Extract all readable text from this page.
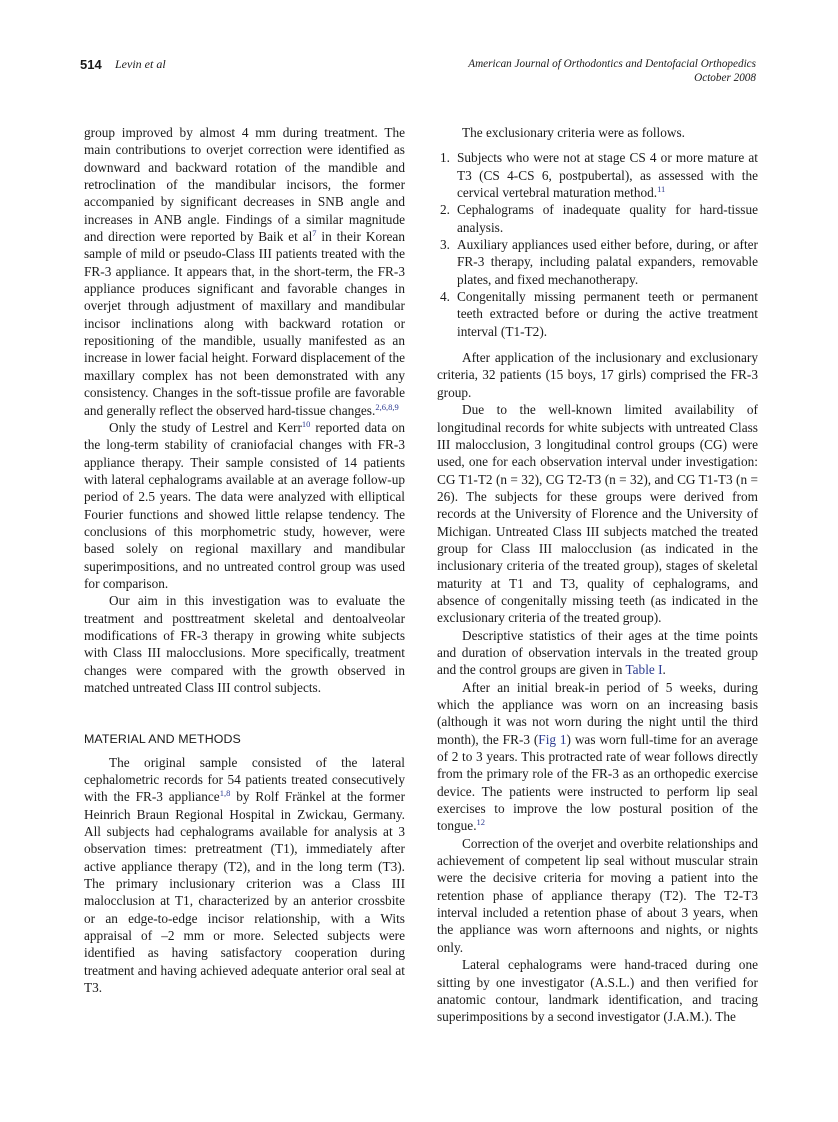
514 Levin et al	American Journal of Orthodontics and Dentofacial Orthopedics
October 2008

group improved by almost 4 mm during treatment. The main contributions to overjet correction were identified as downward and backward rotation of the mandible and retroclination of the mandibular incisors, the former accompanied by significant decreases in SNB angle and increases in ANB angle. Findings of a similar magnitude and direction were reported by Baik et $al^7$ in their Korean sample of mild or pseudo-Class III patients treated with the FR-3 appliance. It appears that, in the short-term, the FR-3 appliance produces significant and favorable changes in overjet through adjustment of maxillary and mandibular incisor inclinations along with backward rotation or repositioning of the mandible, usually manifested as an increase in lower facial height. Forward displacement of the maxillary complex has not been demonstrated with any consistency. Changes in the soft-tissue profile are favorable and generally reflect the observed hard-tissue changes.$^{2,6,8,9}$

Only the study of Lestrel and Kerr$^{10}$ reported data on the long-term stability of craniofacial changes with FR-3 appliance therapy. Their sample consisted of 14 patients with lateral cephalograms available at an average follow-up period of 2.5 years. The data were analyzed with elliptical Fourier functions and showed little relapse tendency. The conclusions of this morphometric study, however, were based solely on regional maxillary and mandibular superimpositions, and no untreated control group was used for comparison.

Our aim in this investigation was to evaluate the treatment and posttreatment skeletal and dentoalveolar modifications of FR-3 therapy in growing white subjects with Class III malocclusions. More specifically, treatment changes were compared with the growth observed in matched untreated Class III control subjects.

MATERIAL AND METHODS

The original sample consisted of the lateral cephalometric records for 54 patients treated consecutively with the FR-3 appliance$^{1,8}$ by Rolf Fränkel at the former Heinrich Braun Regional Hospital in Zwickau, Germany. All subjects had cephalograms available for analysis at 3 observation times: pretreatment (T1), immediately after active appliance therapy (T2), and in the long term (T3). The primary inclusionary criterion was a Class III malocclusion at T1, characterized by an anterior crossbite or an edge-to-edge incisor relationship, with a Wits appraisal of –2 mm or more. Selected subjects were identified as having satisfactory cooperation during treatment and having achieved adequate anterior oral seal at T3.

The exclusionary criteria were as follows.

1. Subjects who were not at stage CS 4 or more mature at T3 (CS 4-CS 6, postpubertal), as assessed with the cervical vertebral maturation method.$^{11}$
2. Cephalograms of inadequate quality for hard-tissue analysis.
3. Auxiliary appliances used either before, during, or after FR-3 therapy, including palatal expanders, removable plates, and fixed mechanotherapy.
4. Congenitally missing permanent teeth or permanent teeth extracted before or during the active treatment interval (T1-T2).

After application of the inclusionary and exclusionary criteria, 32 patients (15 boys, 17 girls) comprised the FR-3 group.

Due to the well-known limited availability of longitudinal records for white subjects with untreated Class III malocclusion, 3 longitudinal control groups (CG) were used, one for each observation interval under investigation: CG T1-T2 (n = 32), CG T2-T3 (n = 32), and CG T1-T3 (n = 26). The subjects for these groups were derived from records at the University of Florence and the University of Michigan. Untreated Class III subjects matched the treated group for Class III malocclusion (as indicated in the inclusionary criteria of the treated group), stages of skeletal maturity at T1 and T3, quality of cephalograms, and absence of congenitally missing teeth (as indicated in the exclusionary criteria of the treated group).

Descriptive statistics of their ages at the time points and duration of observation intervals in the treated group and the control groups are given in Table I.

After an initial break-in period of 5 weeks, during which the appliance was worn on an increasing basis (although it was not worn during the night until the third month), the FR-3 (Fig 1) was worn full-time for an average of 2 to 3 years. This protracted rate of wear follows directly from the primary role of the FR-3 as an orthopedic exercise device. The patients were instructed to perform lip seal exercises to improve the low postural position of the tongue.$^{12}$

Correction of the overjet and overbite relationships and achievement of competent lip seal without muscular strain were the decisive criteria for moving a patient into the retention phase of appliance therapy (T2). The T2-T3 interval included a retention phase of about 3 years, when the appliance was worn afternoons and nights, or nights only.

Lateral cephalograms were hand-traced during one sitting by one investigator (A.S.L.) and then verified for anatomic contour, landmark identification, and tracing superimpositions by a second investigator (J.A.M.). The
